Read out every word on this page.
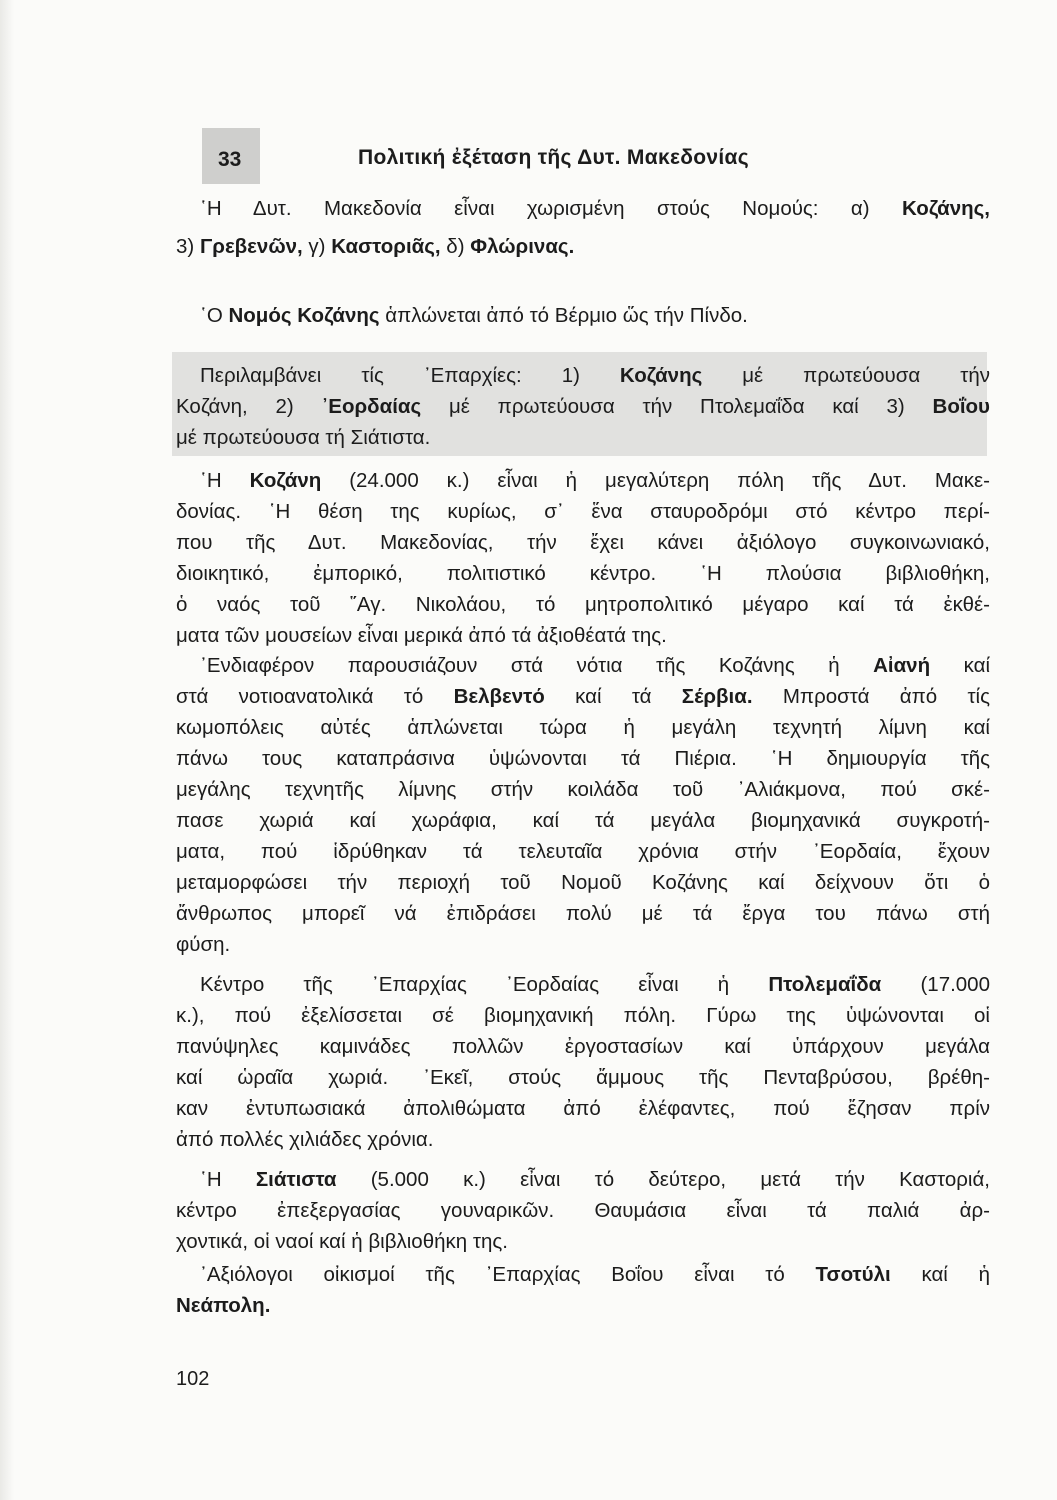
33	Πολιτική ἐξέταση τῆς Δυτ. Μακεδονίας
῾Η Δυτ. Μακεδονία εἶναι χωρισμένη στούς Νομούς: α) Κοζάνης,
3) Γρεβενῶν, γ) Καστοριᾶς, δ) Φλώρινας.
῾Ο Νομός Κοζάνης ἁπλώνεται ἀπό τό Βέρμιο ὥς τήν Πίνδο.
Περιλαμβάνει τίς ᾿Επαρχίες: 1) Κοζάνης μέ πρωτεύουσα τήν
Κοζάνη, 2) ᾿Εορδαίας μέ πρωτεύουσα τήν Πτολεμαΐδα καί 3) Βοΐου
μέ πρωτεύουσα τή Σιάτιστα.
῾Η Κοζάνη (24.000 κ.) εἶναι ἡ μεγαλύτερη πόλη τῆς Δυτ. Μακε-
δονίας. ῾Η θέση της κυρίως, σ᾿ ἕνα σταυροδρόμι στό κέντρο περί-
που τῆς Δυτ. Μακεδονίας, τήν ἔχει κάνει ἀξιόλογο συγκοινωνιακό,
διοικητικό, ἐμπορικό, πολιτιστικό κέντρο. ῾Η πλούσια βιβλιοθήκη,
ὁ ναός τοῦ ῞Αγ. Νικολάου, τό μητροπολιτικό μέγαρο καί τά ἐκθέ-
ματα τῶν μουσείων εἶναι μερικά ἀπό τά ἀξιοθέατά της.
᾿Ενδιαφέρον παρουσιάζουν στά νότια τῆς Κοζάνης ἡ Αἰανή καί
στά νοτιοανατολικά τό Βελβεντό καί τά Σέρβια. Μπροστά ἀπό τίς
κωμοπόλεις αὐτές ἁπλώνεται τώρα ἡ μεγάλη τεχνητή λίμνη καί
πάνω τους καταπράσινα ὑψώνονται τά Πιέρια. ῾Η δημιουργία τῆς
μεγάλης τεχνητῆς λίμνης στήν κοιλάδα τοῦ ᾿Αλιάκμονα, πού σκέ-
πασε χωριά καί χωράφια, καί τά μεγάλα βιομηχανικά συγκροτή-
ματα, πού ἱδρύθηκαν τά τελευταῖα χρόνια στήν ᾿Εορδαία, ἔχουν
μεταμορφώσει τήν περιοχή τοῦ Νομοῦ Κοζάνης καί δείχνουν ὅτι ὁ
ἄνθρωπος μπορεῖ νά ἐπιδράσει πολύ μέ τά ἔργα του πάνω στή
φύση.
Κέντρο τῆς ᾿Επαρχίας ᾿Εορδαίας εἶναι ἡ Πτολεμαΐδα (17.000
κ.), πού ἐξελίσσεται σέ βιομηχανική πόλη. Γύρω της ὑψώνονται οἱ
πανύψηλες καμινάδες πολλῶν ἐργοστασίων καί ὑπάρχουν μεγάλα
καί ὡραῖα χωριά. ᾿Εκεῖ, στούς ἄμμους τῆς Πενταβρύσου, βρέθη-
καν ἐντυπωσιακά ἀπολιθώματα ἀπό ἐλέφαντες, πού ἔζησαν πρίν
ἀπό πολλές χιλιάδες χρόνια.
῾Η Σιάτιστα (5.000 κ.) εἶναι τό δεύτερο, μετά τήν Καστοριά,
κέντρο ἐπεξεργασίας γουναρικῶν. Θαυμάσια εἶναι τά παλιά ἀρ-
χοντικά, οἱ ναοί καί ἡ βιβλιοθήκη της.
᾿Αξιόλογοι οἰκισμοί τῆς ᾿Επαρχίας Βοΐου εἶναι τό Τσοτύλι καί ἡ
Νεάπολη.
102
